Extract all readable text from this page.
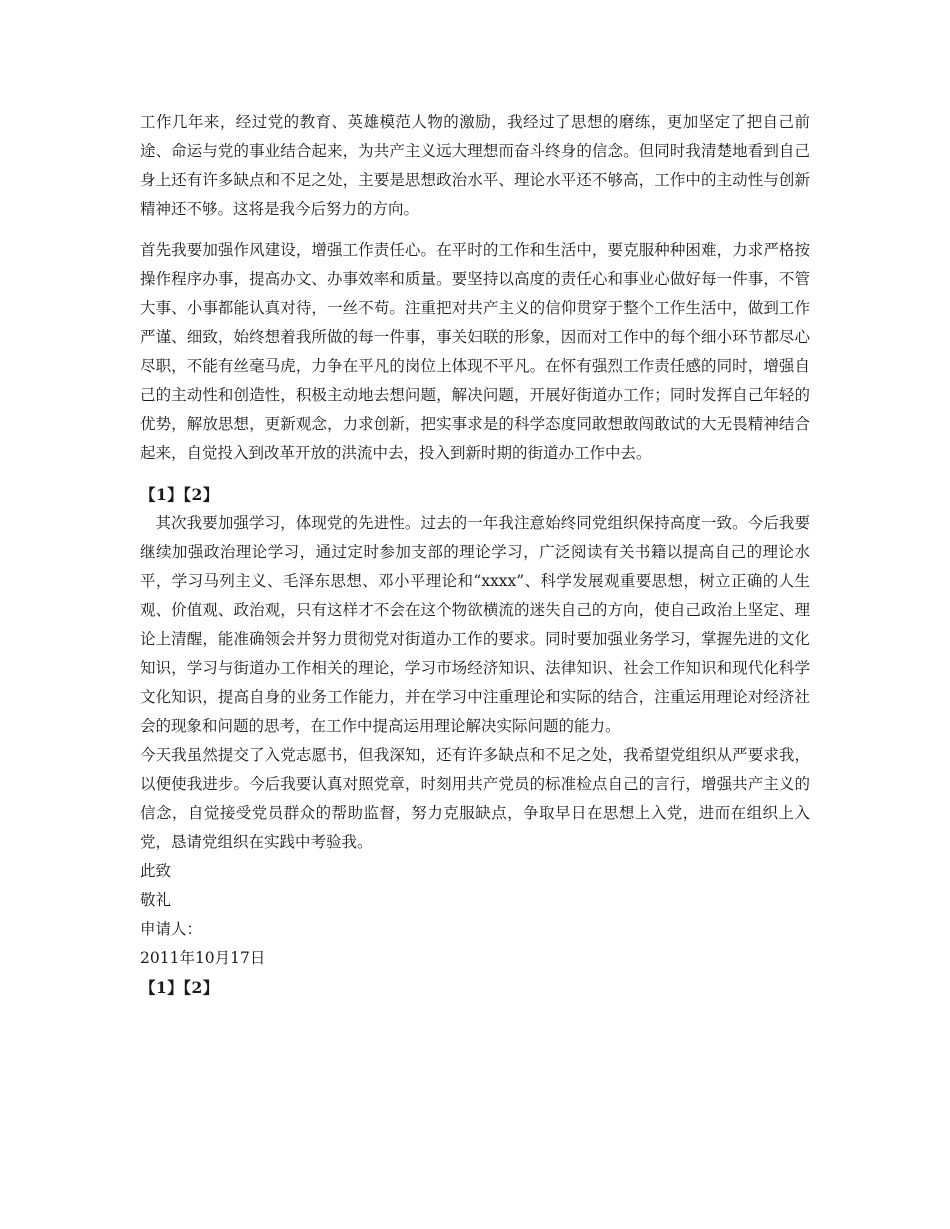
工作几年来，经过党的教育、英雄模范人物的激励，我经过了思想的磨练，更加坚定了把自己前途、命运与党的事业结合起来，为共产主义远大理想而奋斗终身的信念。但同时我清楚地看到自己身上还有许多缺点和不足之处，主要是思想政治水平、理论水平还不够高，工作中的主动性与创新精神还不够。这将是我今后努力的方向。

首先我要加强作风建设，增强工作责任心。在平时的工作和生活中，要克服种种困难，力求严格按操作程序办事，提高办文、办事效率和质量。要坚持以高度的责任心和事业心做好每一件事，不管大事、小事都能认真对待，一丝不苟。注重把对共产主义的信仰贯穿于整个工作生活中，做到工作严谨、细致，始终想着我所做的每一件事，事关妇联的形象，因而对工作中的每个细小环节都尽心尽职，不能有丝毫马虎，力争在平凡的岗位上体现不平凡。在怀有强烈工作责任感的同时，增强自己的主动性和创造性，积极主动地去想问题，解决问题，开展好街道办工作；同时发挥自己年轻的优势，解放思想，更新观念，力求创新，把实事求是的科学态度同敢想敢闯敢试的大无畏精神结合起来，自觉投入到改革开放的洪流中去，投入到新时期的街道办工作中去。

【1】【2】

其次我要加强学习，体现党的先进性。过去的一年我注意始终同党组织保持高度一致。今后我要继续加强政治理论学习，通过定时参加支部的理论学习，广泛阅读有关书籍以提高自己的理论水平，学习马列主义、毛泽东思想、邓小平理论和“xxxx”、科学发展观重要思想，树立正确的人生观、价值观、政治观，只有这样才不会在这个物欲横流的迷失自己的方向，使自己政治上坚定、理论上清醒，能准确领会并努力贯彻党对街道办工作的要求。同时要加强业务学习，掌握先进的文化知识，学习与街道办工作相关的理论，学习市场经济知识、法律知识、社会工作知识和现代化科学文化知识，提高自身的业务工作能力，并在学习中注重理论和实际的结合，注重运用理论对经济社会的现象和问题的思考，在工作中提高运用理论解决实际问题的能力。

今天我虽然提交了入党志愿书，但我深知，还有许多缺点和不足之处，我希望党组织从严要求我，以便使我进步。今后我要认真对照党章，时刻用共产党员的标准检点自己的言行，增强共产主义的信念，自觉接受党员群众的帮助监督，努力克服缺点，争取早日在思想上入党，进而在组织上入党，恳请党组织在实践中考验我。

此致

敬礼

申请人：

2011年10月17日

【1】【2】
